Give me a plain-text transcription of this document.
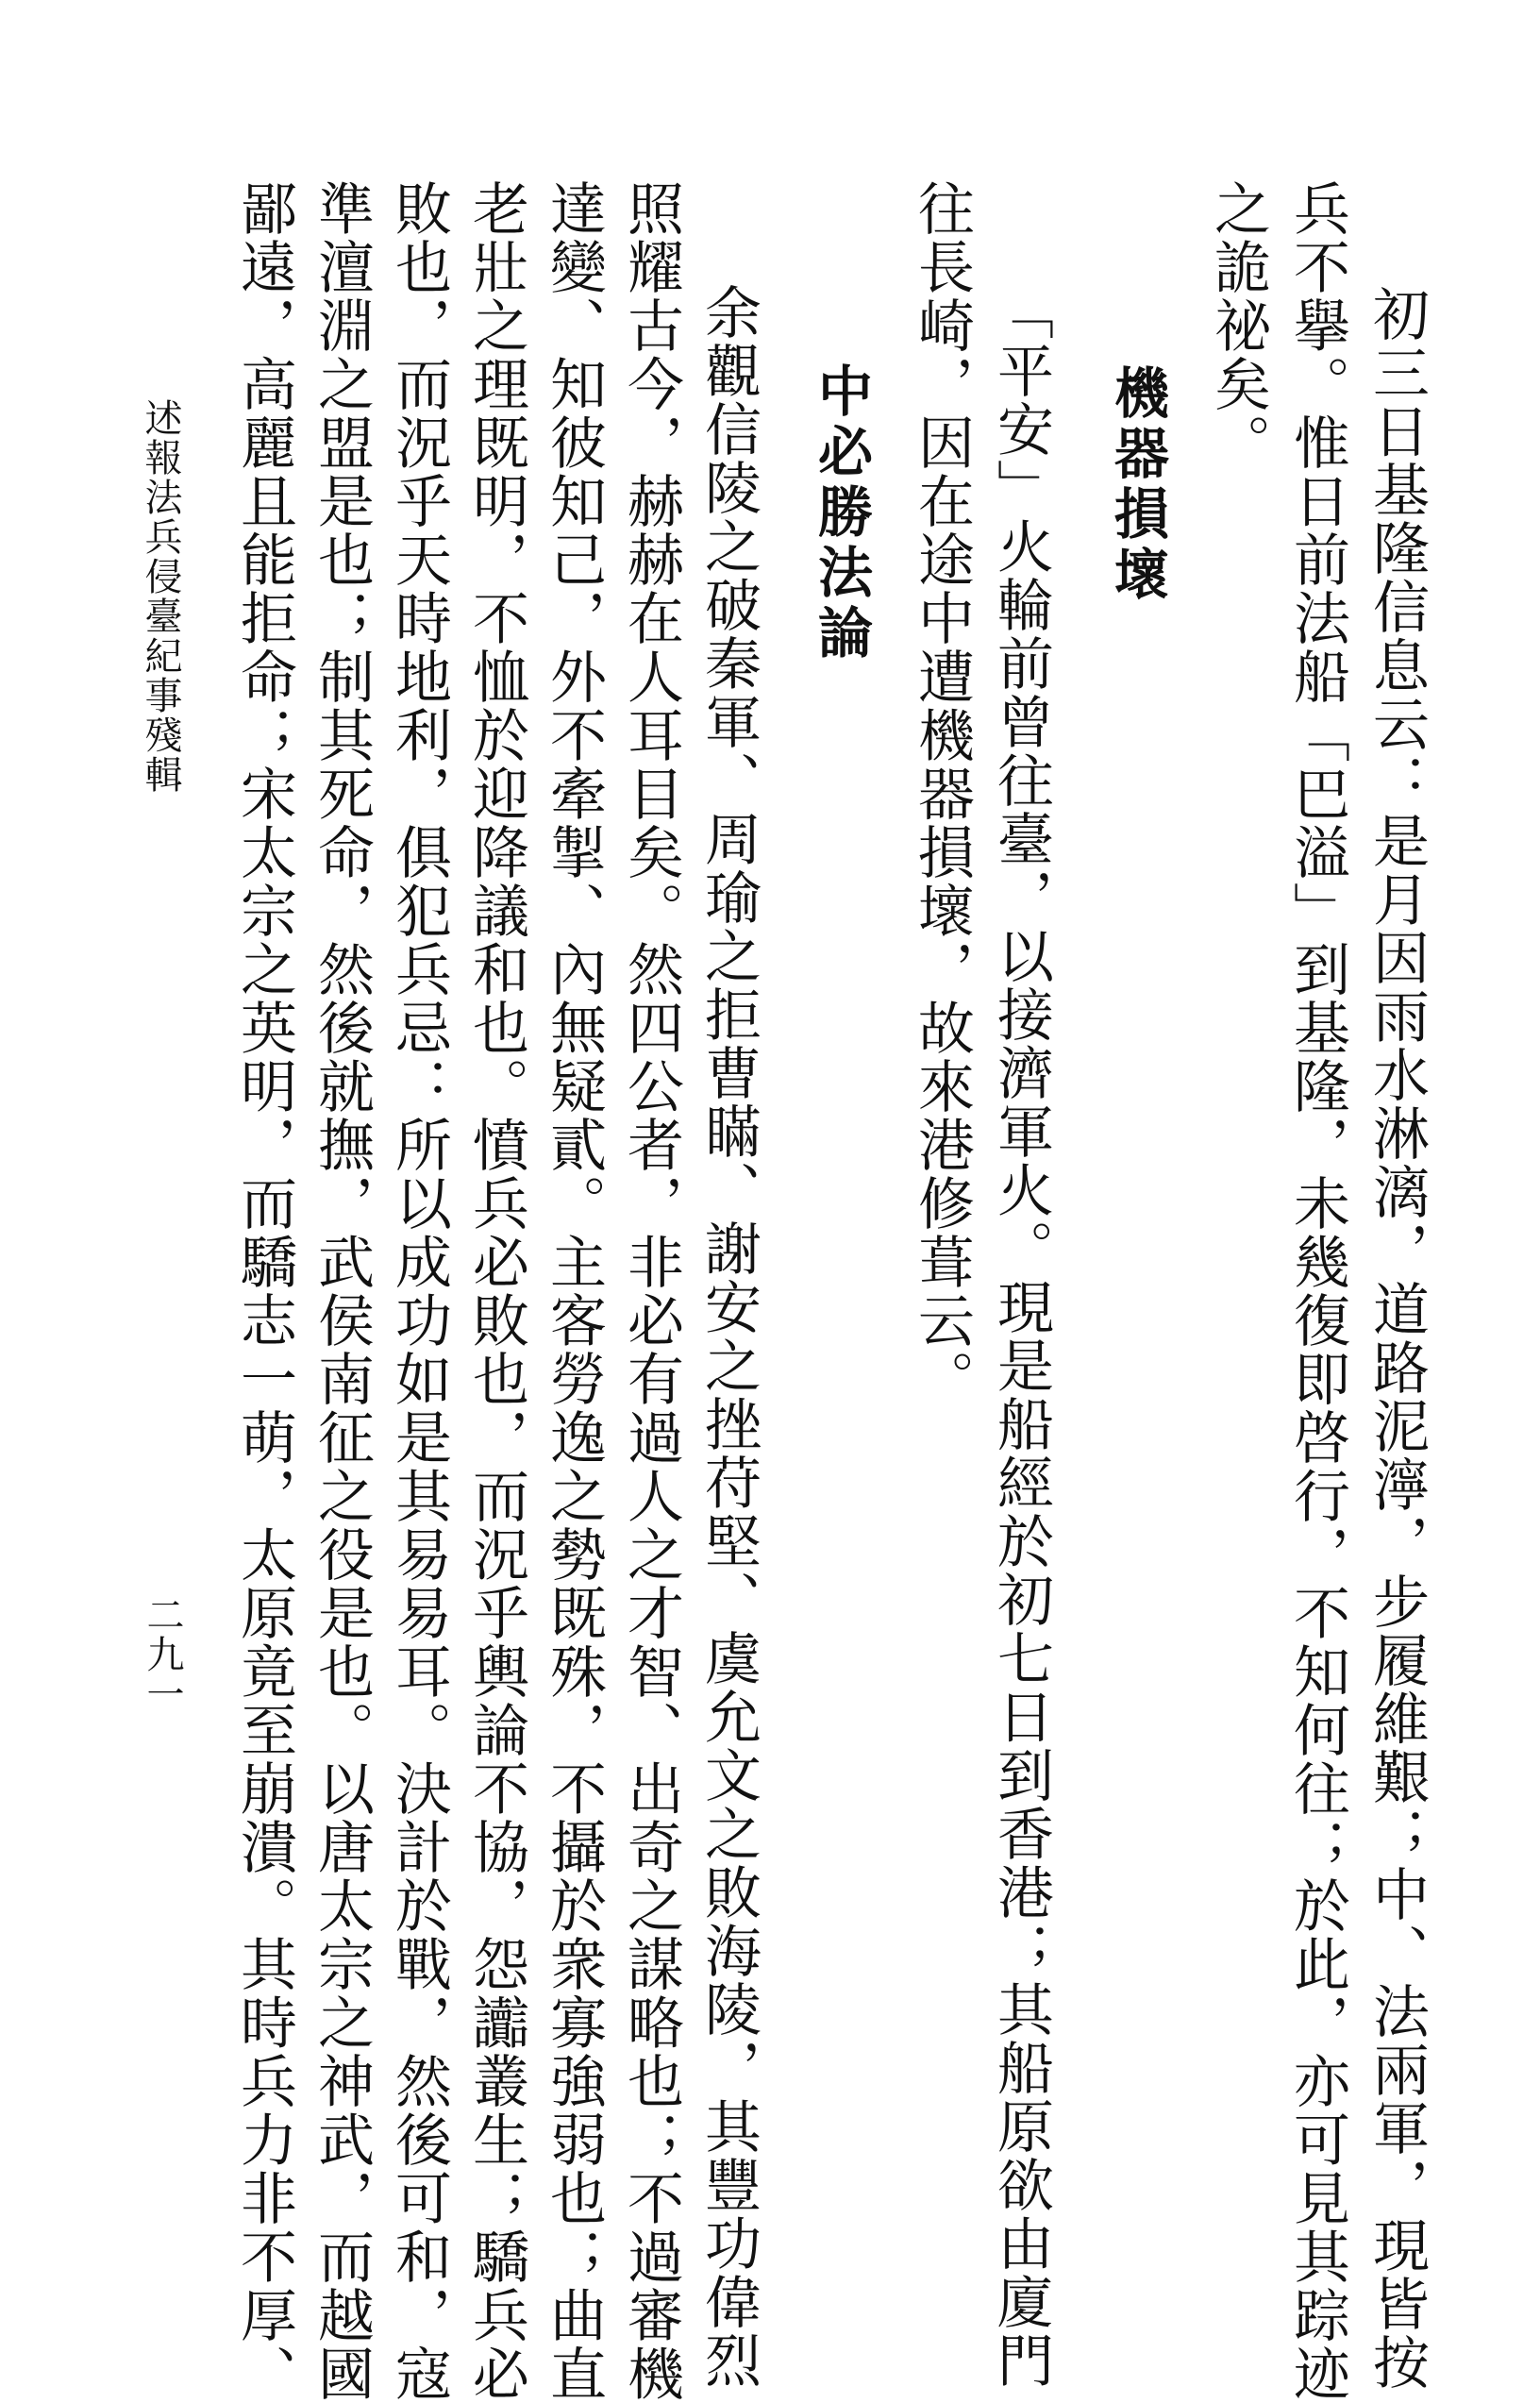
初三日基隆信息云：是月因雨水淋漓，道路泥濘，步履維艱；中、法兩軍，現皆按
兵不擧。惟日前法船「巴溢」到基隆，未幾復即啓行，不知何往；於此，亦可見其踪迹
之詭祕矣。
機器損壞
「平安」火輪前曾往臺，以接濟軍火。現是船經於初七日到香港；其船原欲由廈門
往長崎，因在途中遭機器損壞，故來港修葺云。
中必勝法論
余觀信陵之破秦軍、周瑜之拒曹瞞、謝安之挫苻堅、虞允文之敗海陵，其豐功偉烈
照耀古今，赫赫在人耳目矣。然四公者，非必有過人之才智、出奇之謀略也；不過審機
達變、知彼知己，外不牽掣、內無疑貳。主客勞逸之勢既殊，不攝於衆寡強弱也；曲直
老壯之理既明，不恤於迎降議和也。憤兵必敗也，而況乎輿論不協，怨讟叢生；驕兵必
敗也，而況乎天時地利，俱犯兵忌：所以成功如是其易易耳。決計於戰，然後可和，寇
準澶淵之盟是也；制其死命，然後就撫，武侯南征之役是也。以唐太宗之神武，而越國
鄙遠，高麗且能拒命；宋太宗之英明，而驕志一萌，太原竟至崩潰。其時兵力非不厚、
述報法兵侵臺紀事殘輯
二九一
